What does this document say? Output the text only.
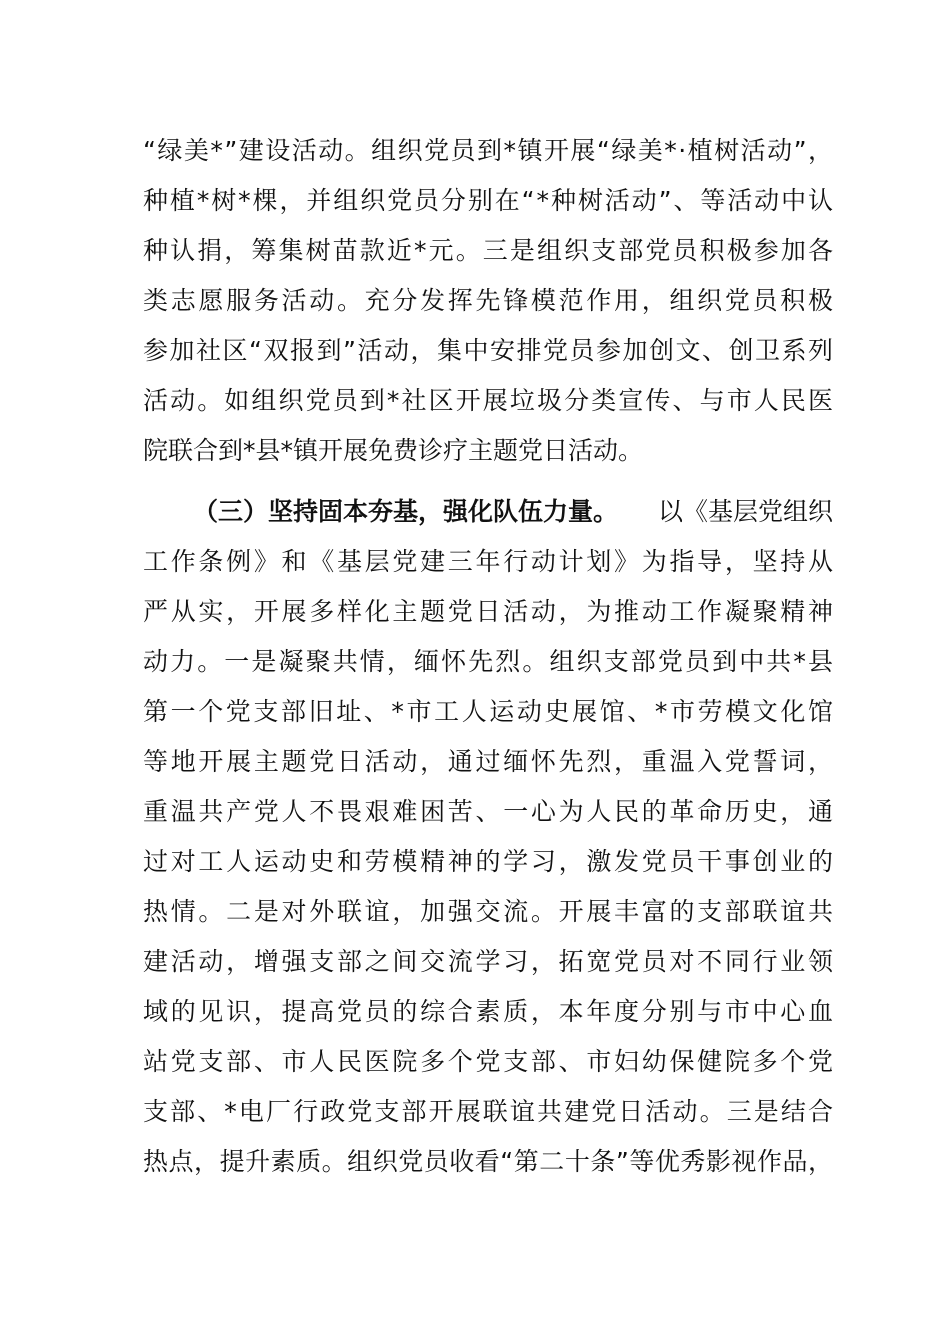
“绿美*”建设活动。组织党员到*镇开展“绿美*·植树活动”，
种植*树*棵，并组织党员分别在“*种树活动”、等活动中认
种认捐，筹集树苗款近*元。三是组织支部党员积极参加各
类志愿服务活动。充分发挥先锋模范作用，组织党员积极
参加社区“双报到”活动，集中安排党员参加创文、创卫系列
活动。如组织党员到*社区开展垃圾分类宣传、与市人民医
院联合到*县*镇开展免费诊疗主题党日活动。
（三）坚持固本夯基，强化队伍力量。 以《基层党组织
工作条例》和《基层党建三年行动计划》为指导，坚持从
严从实，开展多样化主题党日活动，为推动工作凝聚精神
动力。一是凝聚共情，缅怀先烈。组织支部党员到中共*县
第一个党支部旧址、*市工人运动史展馆、*市劳模文化馆
等地开展主题党日活动，通过缅怀先烈，重温入党誓词，
重温共产党人不畏艰难困苦、一心为人民的革命历史，通
过对工人运动史和劳模精神的学习，激发党员干事创业的
热情。二是对外联谊，加强交流。开展丰富的支部联谊共
建活动，增强支部之间交流学习，拓宽党员对不同行业领
域的见识，提高党员的综合素质，本年度分别与市中心血
站党支部、市人民医院多个党支部、市妇幼保健院多个党
支部、*电厂行政党支部开展联谊共建党日活动。三是结合
热点，提升素质。组织党员收看“第二十条”等优秀影视作品，
